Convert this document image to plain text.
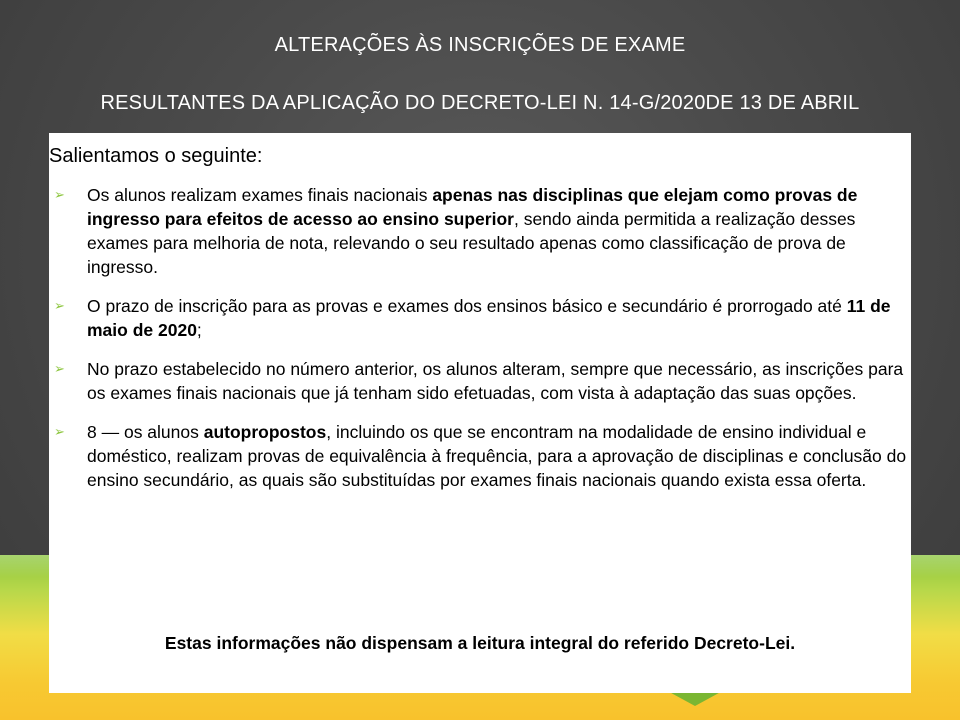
ALTERAÇÕES ÀS INSCRIÇÕES DE EXAME
RESULTANTES DA APLICAÇÃO DO DECRETO-LEI N. 14-G/2020DE 13 DE ABRIL
Salientamos o seguinte:
➢ Os alunos realizam exames finais nacionais apenas nas disciplinas que elejam como provas de ingresso para efeitos de acesso ao ensino superior, sendo ainda permitida a realização desses exames para melhoria de nota, relevando o seu resultado apenas como classificação de prova de ingresso.
➢ O prazo de inscrição para as provas e exames dos ensinos básico e secundário é prorrogado até 11 de maio de 2020;
➢ No prazo estabelecido no número anterior, os alunos alteram, sempre que necessário, as inscrições para os exames finais nacionais que já tenham sido efetuadas, com vista à adaptação das suas opções.
➢ 8 — os alunos autopropostos, incluindo os que se encontram na modalidade de ensino individual e doméstico, realizam provas de equivalência à frequência, para a aprovação de disciplinas e conclusão do ensino secundário, as quais são substituídas por exames finais nacionais quando exista essa oferta.
Estas informações não dispensam a leitura integral do referido Decreto-Lei.
